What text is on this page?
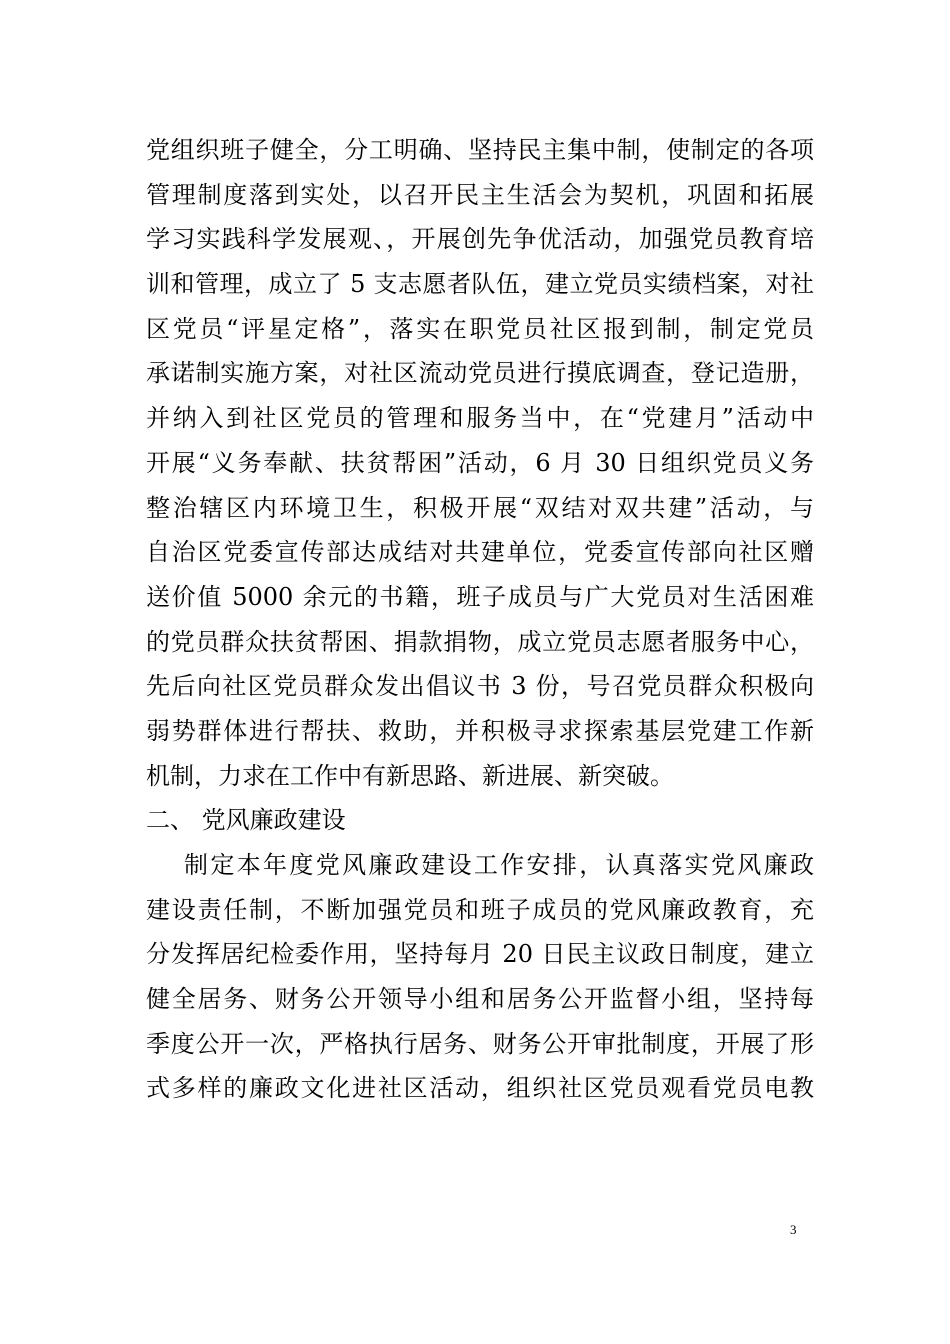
党组织班子健全，分工明确、坚持民主集中制，使制定的各项
管理制度落到实处，以召开民主生活会为契机，巩固和拓展
学习实践科学发展观、，开展创先争优活动，加强党员教育培
训和管理，成立了 5 支志愿者队伍，建立党员实绩档案，对社
区党员“评星定格”，落实在职党员社区报到制，制定党员
承诺制实施方案，对社区流动党员进行摸底调查，登记造册，
并纳入到社区党员的管理和服务当中，在“党建月”活动中
开展“义务奉献、扶贫帮困”活动，6 月 30 日组织党员义务
整治辖区内环境卫生，积极开展“双结对双共建”活动，与
自治区党委宣传部达成结对共建单位，党委宣传部向社区赠
送价值 5000 余元的书籍，班子成员与广大党员对生活困难
的党员群众扶贫帮困、捐款捐物，成立党员志愿者服务中心，
先后向社区党员群众发出倡议书 3 份，号召党员群众积极向
弱势群体进行帮扶、救助，并积极寻求探索基层党建工作新
机制，力求在工作中有新思路、新进展、新突破。
二、 党风廉政建设
制定本年度党风廉政建设工作安排，认真落实党风廉政
建设责任制，不断加强党员和班子成员的党风廉政教育，充
分发挥居纪检委作用，坚持每月 20 日民主议政日制度，建立
健全居务、财务公开领导小组和居务公开监督小组，坚持每
季度公开一次，严格执行居务、财务公开审批制度，开展了形
式多样的廉政文化进社区活动，组织社区党员观看党员电教
3
